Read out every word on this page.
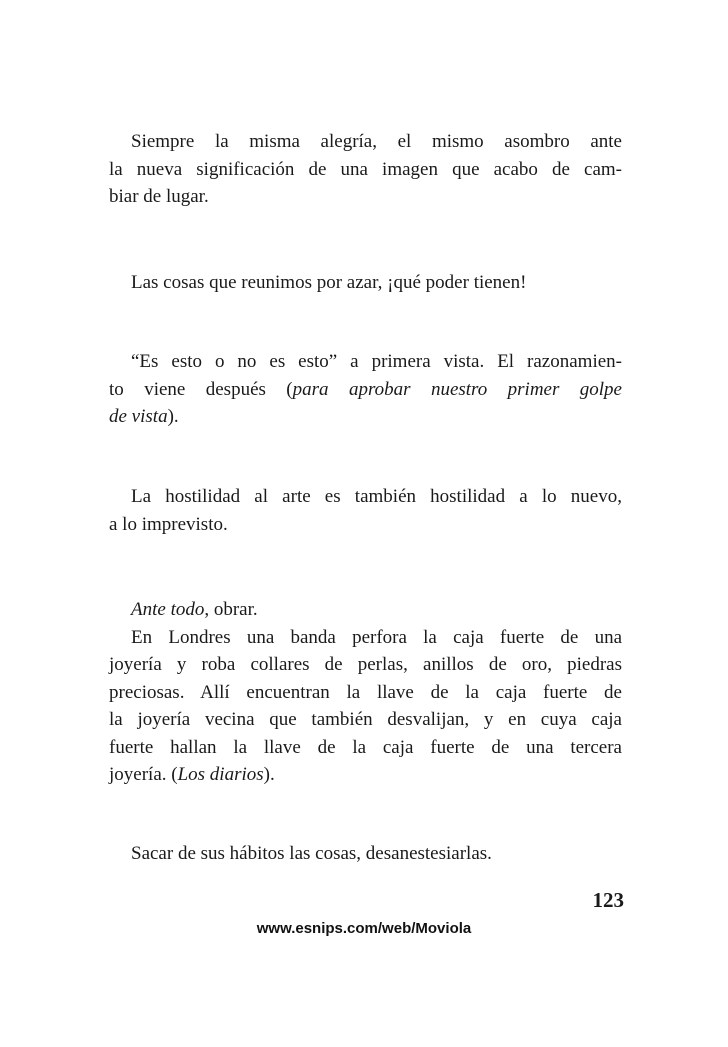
Siempre la misma alegría, el mismo asombro ante
la nueva significación de una imagen que acabo de cam-
biar de lugar.
Las cosas que reunimos por azar, ¡qué poder tienen!
“Es esto o no es esto” a primera vista. El razonamien-
to viene después (para aprobar nuestro primer golpe
de vista).
La hostilidad al arte es también hostilidad a lo nuevo,
a lo imprevisto.
Ante todo, obrar.
En Londres una banda perfora la caja fuerte de una
joyería y roba collares de perlas, anillos de oro, piedras
preciosas. Allí encuentran la llave de la caja fuerte de
la joyería vecina que también desvalijan, y en cuya caja
fuerte hallan la llave de la caja fuerte de una tercera
joyería. (Los diarios).
Sacar de sus hábitos las cosas, desanestesiarlas.
123
www.esnips.com/web/Moviola
